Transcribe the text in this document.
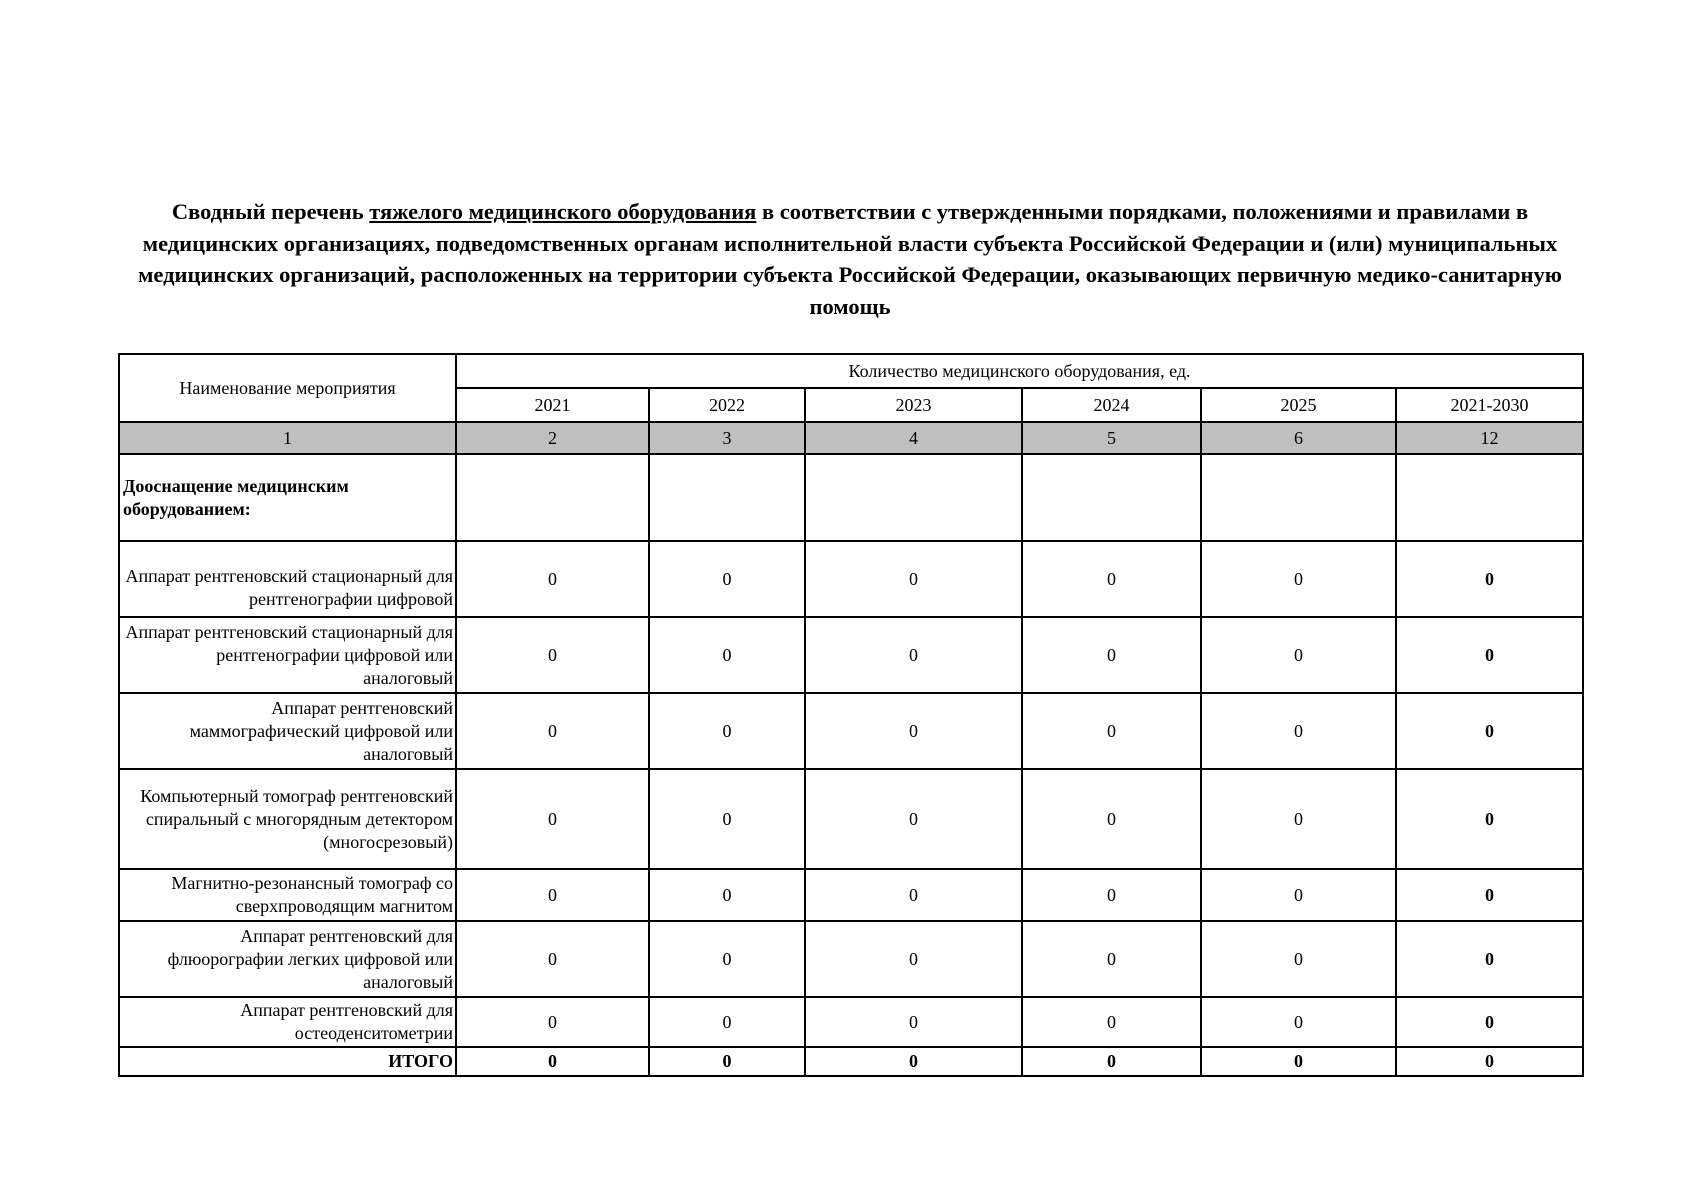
Сводный перечень тяжелого медицинского оборудования в соответствии с утвержденными порядками, положениями и правилами в медицинских организациях, подведомственных органам исполнительной власти субъекта Российской Федерации и (или) муниципальных медицинских организаций, расположенных на территории субъекта Российской Федерации, оказывающих первичную медико-санитарную помощь
Наименование мероприятия	Количество медицинского оборудования, ед.					
	2021	2022	2023	2024	2025	2021-2030
1	2	3	4	5	6	12
Дооснащение медицинским оборудованием:						
Аппарат рентгеновский стационарный для рентгенографии цифровой	0	0	0	0	0	0
Аппарат рентгеновский стационарный для рентгенографии цифровой или аналоговый	0	0	0	0	0	0
Аппарат рентгеновский маммографический цифровой или аналоговый	0	0	0	0	0	0
Компьютерный томограф рентгеновский спиральный с многорядным детектором (многосрезовый)	0	0	0	0	0	0
Магнитно-резонансный томограф со сверхпроводящим магнитом	0	0	0	0	0	0
Аппарат рентгеновский для флюорографии легких цифровой или аналоговый	0	0	0	0	0	0
Аппарат рентгеновский для остеоденситометрии	0	0	0	0	0	0
ИТОГО	0	0	0	0	0	0
